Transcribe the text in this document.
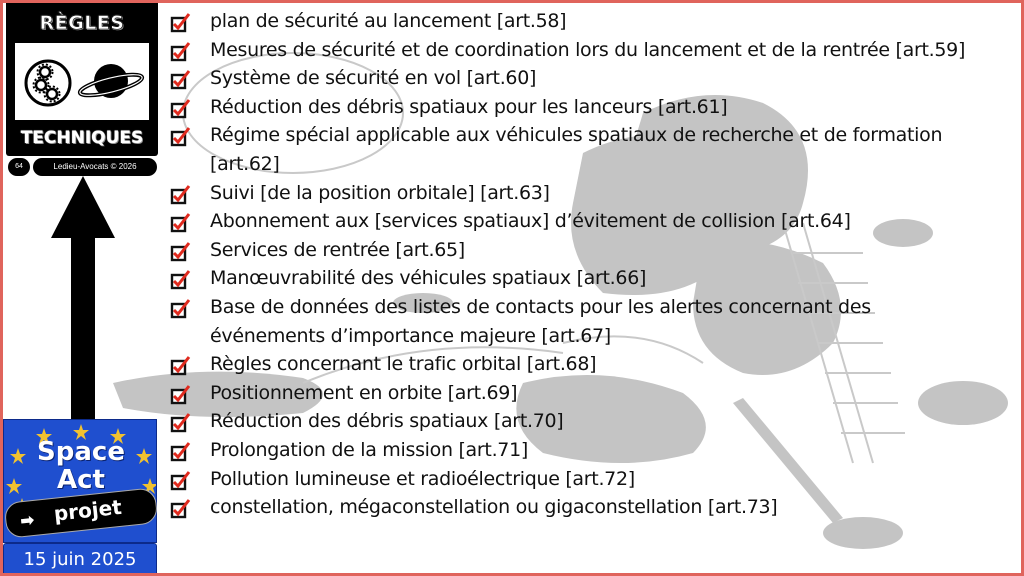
RÈGLES
TECHNIQUES
64	Ledieu-Avocats © 2026
Space
Act
➡ projet
15 juin 2025
plan de sécurité au lancement [art.58]
Mesures de sécurité et de coordination lors du lancement et de la rentrée [art.59]
Système de sécurité en vol [art.60]
Réduction des débris spatiaux pour les lanceurs [art.61]
Régime spécial applicable aux véhicules spatiaux de recherche et de formation [art.62]
Suivi [de la position orbitale] [art.63]
Abonnement aux [services spatiaux] d’évitement de collision [art.64]
Services de rentrée [art.65]
Manœuvrabilité des véhicules spatiaux [art.66]
Base de données des listes de contacts pour les alertes concernant des événements d’importance majeure [art.67]
Règles concernant le trafic orbital [art.68]
Positionnement en orbite [art.69]
Réduction des débris spatiaux [art.70]
Prolongation de la mission [art.71]
Pollution lumineuse et radioélectrique [art.72]
constellation, mégaconstellation ou gigaconstellation [art.73]
